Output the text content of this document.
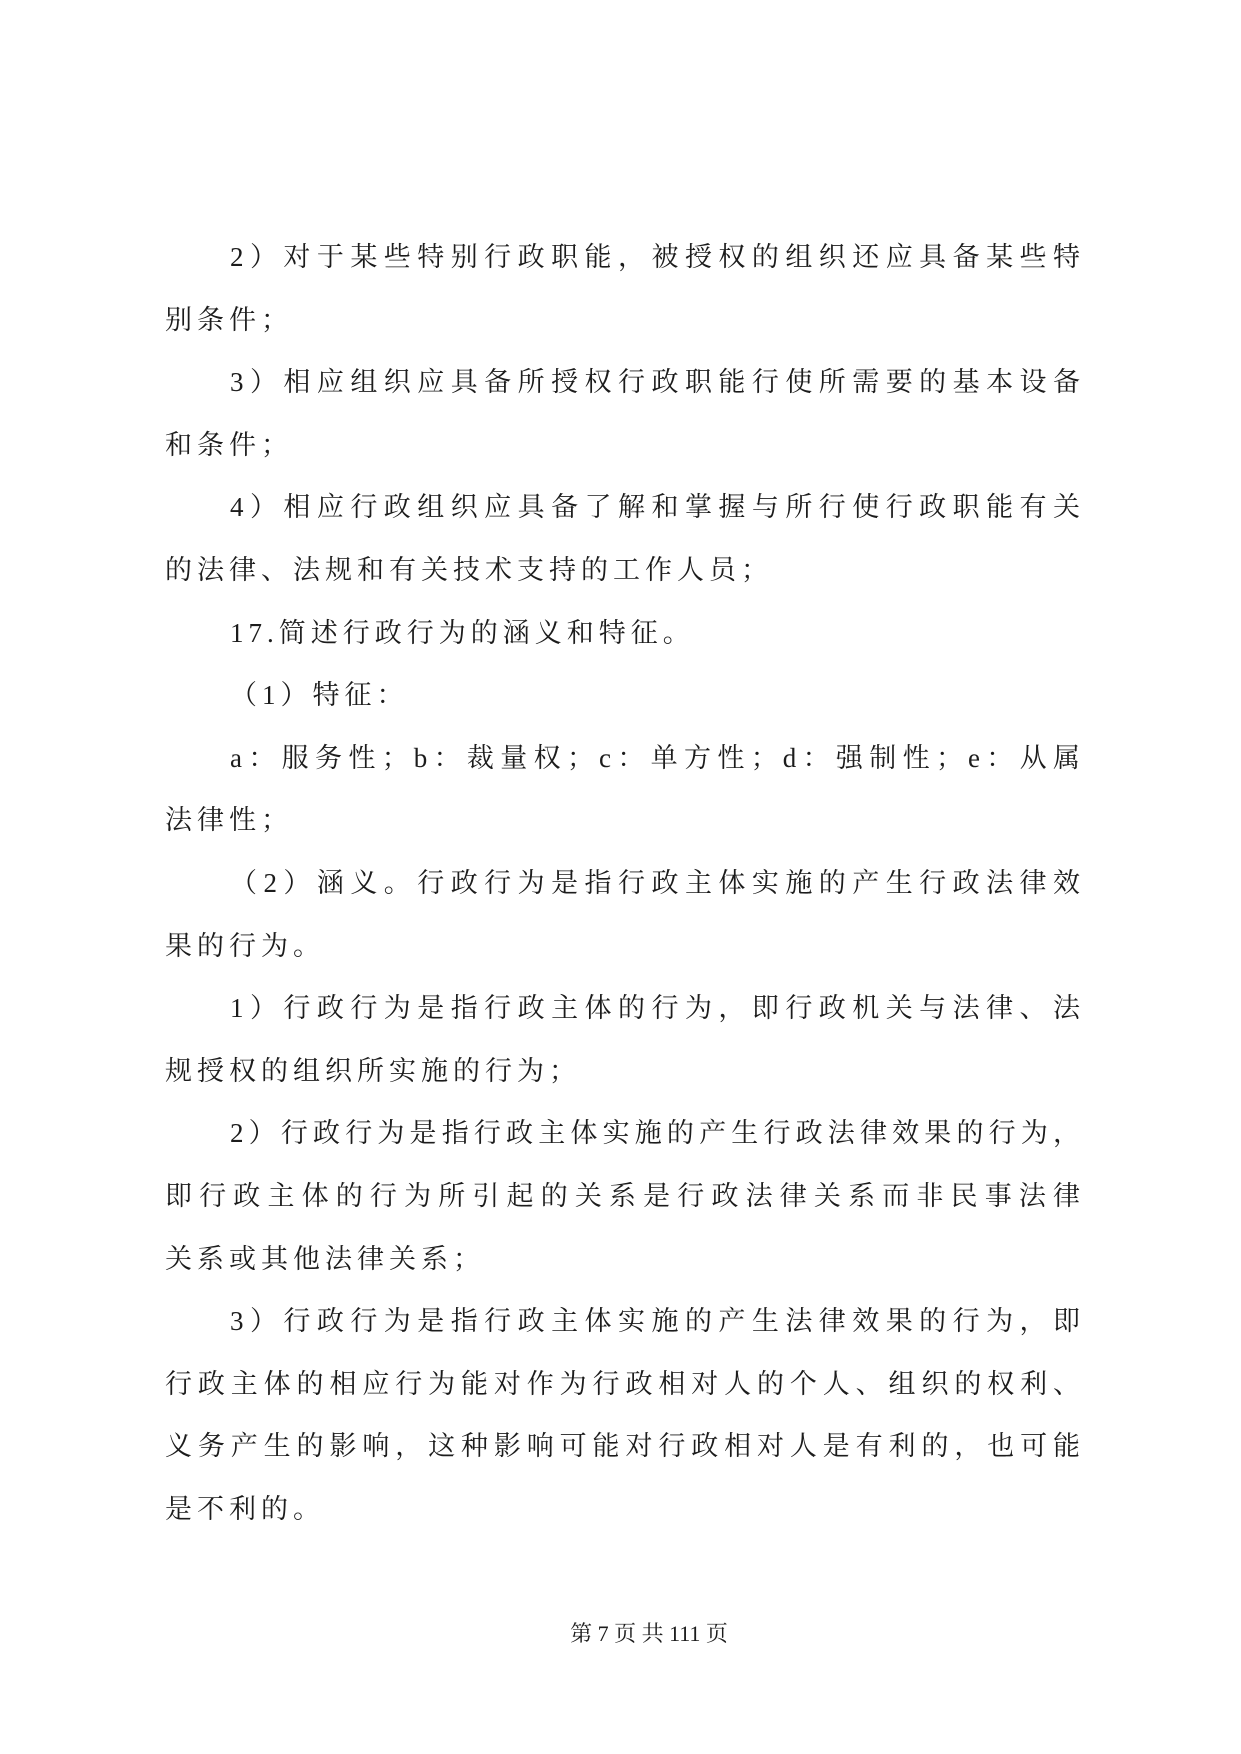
2）对于某些特别行政职能，被授权的组织还应具备某些特
别条件；
3）相应组织应具备所授权行政职能行使所需要的基本设备
和条件；
4）相应行政组织应具备了解和掌握与所行使行政职能有关
的法律、法规和有关技术支持的工作人员；
17.简述行政行为的涵义和特征。
（1）特征：
a：服务性；b：裁量权；c：单方性；d：强制性；e：从属
法律性；
（2）涵义。行政行为是指行政主体实施的产生行政法律效
果的行为。
1）行政行为是指行政主体的行为，即行政机关与法律、法
规授权的组织所实施的行为；
2）行政行为是指行政主体实施的产生行政法律效果的行为，
即行政主体的行为所引起的关系是行政法律关系而非民事法律
关系或其他法律关系；
3）行政行为是指行政主体实施的产生法律效果的行为，即
行政主体的相应行为能对作为行政相对人的个人、组织的权利、
义务产生的影响，这种影响可能对行政相对人是有利的，也可能
是不利的。
第 7 页 共 111 页
